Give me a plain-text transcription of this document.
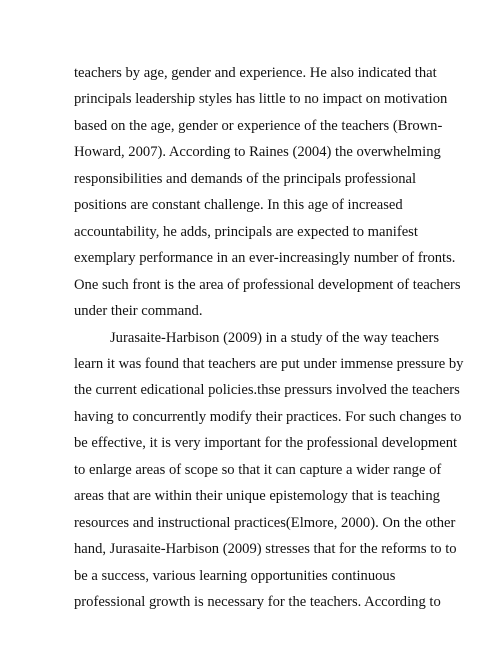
teachers by age, gender and experience. He also indicated that
principals leadership styles has little to no impact on motivation
based on the age, gender or experience of the teachers (Brown-
Howard, 2007). According to Raines (2004) the overwhelming
responsibilities and demands of the principals professional
positions are constant challenge. In this age of increased
accountability, he adds, principals are expected to manifest
exemplary performance in an ever-increasingly number of fronts.
One such front is the area of professional development of teachers
under their command.

Jurasaite-Harbison (2009) in a study of the way teachers
learn it was found that teachers are put under immense pressure by
the current edicational policies.thse pressurs involved the teachers
having to concurrently modify their practices. For such changes to
be effective, it is very important for the professional development
to enlarge areas of scope so that it can capture a wider range of
areas that are within their unique epistemology that is teaching
resources and instructional practices(Elmore, 2000). On the other
hand, Jurasaite-Harbison (2009) stresses that for the reforms to to
be a success, various learning opportunities continuous
professional growth is necessary for the teachers. According to
